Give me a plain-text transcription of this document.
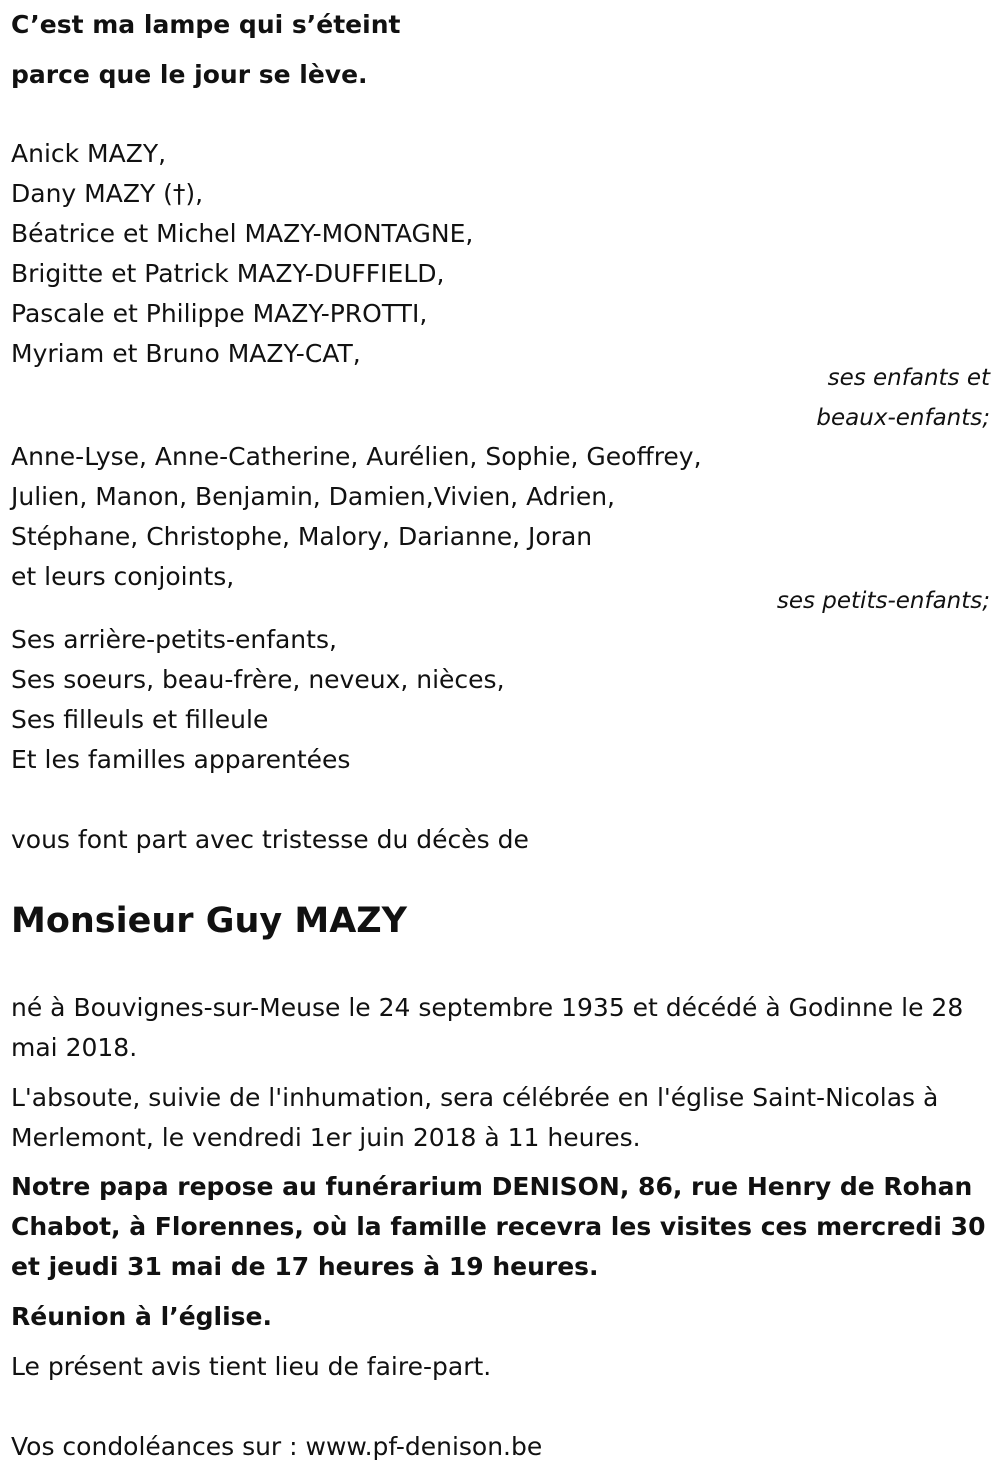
C’est ma lampe qui s’éteint
parce que le jour se lève.
Anick MAZY,
Dany MAZY (†),
Béatrice et Michel MAZY-MONTAGNE,
Brigitte et Patrick MAZY-DUFFIELD,
Pascale et Philippe MAZY-PROTTI,
Myriam et Bruno MAZY-CAT,
ses enfants et
beaux-enfants;
Anne-Lyse, Anne-Catherine, Aurélien, Sophie, Geoffrey,
Julien, Manon, Benjamin, Damien,Vivien, Adrien,
Stéphane, Christophe, Malory, Darianne, Joran
et leurs conjoints,
ses petits-enfants;
Ses arrière-petits-enfants,
Ses soeurs, beau-frère, neveux, nièces,
Ses filleuls et filleule
Et les familles apparentées
vous font part avec tristesse du décès de
Monsieur Guy MAZY
né à Bouvignes-sur-Meuse le 24 septembre 1935 et décédé à Godinne le 28 mai 2018.
L'absoute, suivie de l'inhumation, sera célébrée en l'église Saint-Nicolas à Merlemont, le vendredi 1er juin 2018 à 11 heures.
Notre papa repose au funérarium DENISON, 86, rue Henry de Rohan Chabot, à Florennes, où la famille recevra les visites ces mercredi 30 et jeudi 31 mai de 17 heures à 19 heures.
Réunion à l’église.
Le présent avis tient lieu de faire-part.
Vos condoléances sur : www.pf-denison.be
